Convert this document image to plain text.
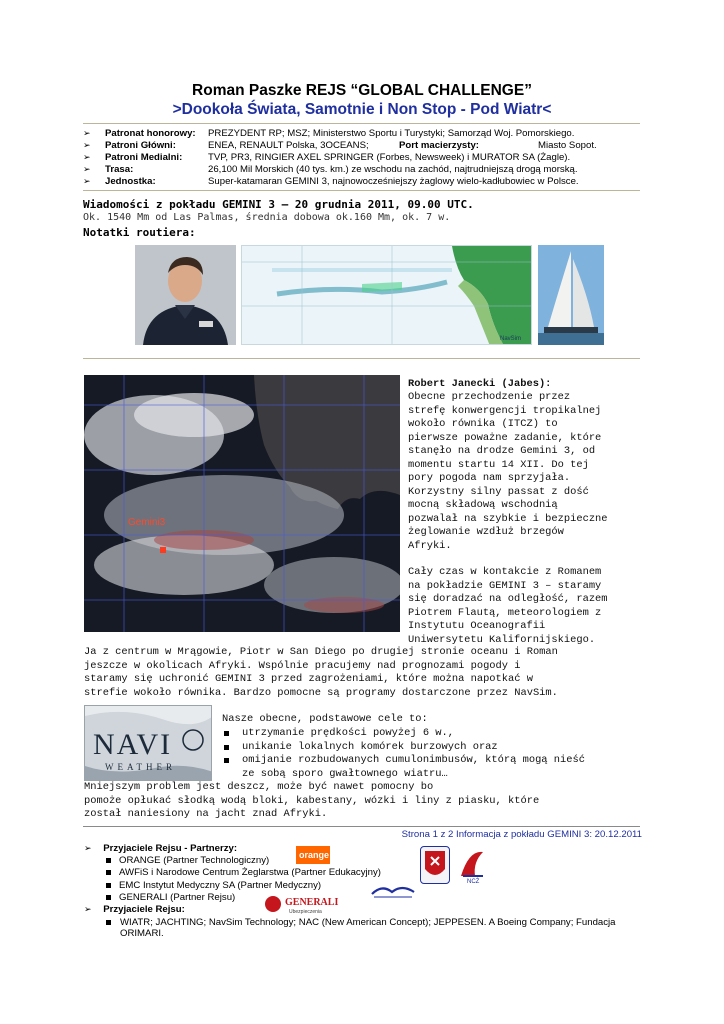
Roman Paszke REJS “GLOBAL CHALLENGE”
>Dookoła Świata, Samotnie i Non Stop - Pod Wiatr<
➢ Patronat honorowy: PREZYDENT RP; MSZ; Ministerstwo Sportu i Turystyki; Samorząd Woj. Pomorskiego.
➢ Patroni Główni:	ENEA, RENAULT Polska, 3OCEANS;	Port macierzysty:	Miasto Sopot.
➢ Patroni Medialni:	TVP, PR3, RINGIER AXEL SPRINGER (Forbes, Newsweek) i MURATOR SA (Żagle).
➢ Trasa:	26,100 Mil Morskich (40 tys. km.) ze wschodu na zachód, najtrudniejszą drogą morską.
➢ Jednostka:	Super-katamaran GEMINI 3, najnowocześniejszy żaglowy wielo-kadłubowiec w Polsce.
Wiadomości z pokładu GEMINI 3 – 20 grudnia 2011, 09.00 UTC.
Ok. 1540 Mm od Las Palmas, średnia dobowa ok.160 Mm, ok. 7 w.
Notatki routiera:
NavSim
Gemini3
Robert Janecki (Jabes):
Obecne przechodzenie przez
strefę konwergencji tropikalnej
wokoło równika (ITCZ) to
pierwsze poważne zadanie, które
stanęło na drodze Gemini 3, od
momentu startu 14 XII. Do tej
pory pogoda nam sprzyjała.
Korzystny silny passat z dość
mocną składową wschodnią
pozwalał na szybkie i bezpieczne
żeglowanie wzdłuż brzegów
Afryki.
Cały czas w kontakcie z Romanem
na pokładzie GEMINI 3 – staramy
się doradzać na odległość, razem
Piotrem Flautą, meteorologiem z
Instytutu Oceanografii
Uniwersytetu Kalifornijskiego.
Ja z centrum w Mrągowie, Piotr w San Diego po drugiej stronie oceanu i Roman
jeszcze w okolicach Afryki. Wspólnie pracujemy nad prognozami pogody i
staramy się uchronić GEMINI 3 przed zagrożeniami, które można napotkać w
strefie wokoło równika. Bardzo pomocne są programy dostarczone przez NavSim.
NAVI
WEATHER
Nasze obecne, podstawowe cele to:
utrzymanie prędkości powyżej 6 w.,
unikanie lokalnych komórek burzowych oraz
omijanie rozbudowanych cumulonimbusów, którą mogą nieść
ze sobą sporo gwałtownego wiatru…
Mniejszym problem jest deszcz, może być nawet pomocny bo
pomoże opłukać słodką wodą bloki, kabestany, wózki i liny z piasku, które
został naniesiony na jacht znad Afryki.
Strona 1 z 2 Informacja z pokładu GEMINI 3: 20.12.2011
➢ Przyjaciele Rejsu - Partnerzy:
ORANGE (Partner Technologiczny)	orange
AWFiS i Narodowe Centrum Żeglarstwa (Partner Edukacyjny)
EMC Instytut Medyczny SA (Partner Medyczny)
GENERALI (Partner Rejsu)
NCŻ
GENERALI
Ubezpieczenia
➢ Przyjaciele Rejsu:
WIATR; JACHTING; NavSim Technology; NAC (New American Concept); JEPPESEN. A Boeing Company; Fundacja ORIMARI.
